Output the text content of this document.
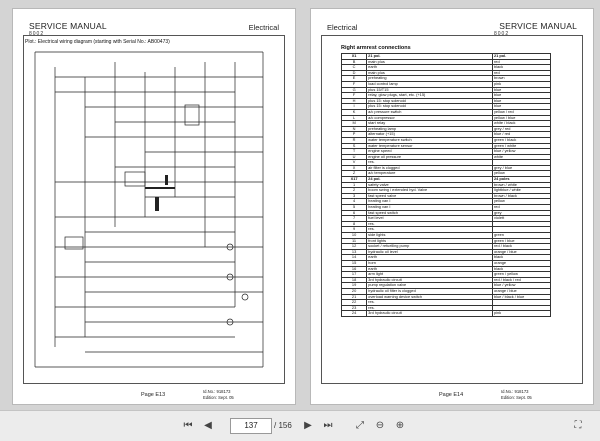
SERVICE MANUAL
8002
Electrical
Plot.: Electrical wiring diagram (starting with Serial No.: AB00473)
Page E13
Id.No.: 918173
Edition: Sept. 05
Electrical	SERVICE MANUAL
8002
Right armrest connections
X1	21 pol.	21 pol.
B	main plus	red
C	earth	black
D	main plus	red
E	preheating	brown
F	load control lamp	pink
G	plus 15/T15	blue
F	relay, glow plugs, start, etc. (+15)	blue
H	plus 15: stop solenoid	blue
I	plus 15: stop solenoid	blue
K	a/c pressure switch	yellow / red
L	a/c compressor	yellow / blue
M	start relay	white / black
N	preheating lamp	grey / red
P	alternator (+15)	blue / red
R	water temperature switch	green / black
S	water temperature sensor	green / white
T	engine speed	blue / yellow
U	engine oil pressure	white
V	res.	
X	air filter is clogged	grey / blue
Z	a/c temperature	yellow
X17	24 pol.	24 poles
1	safety valve	brown / white
2	boom swing / extended hyd. Valve	lightblue / white
3	fast speed valve	brown / black
4	heating van I	yellow
5	heating van I	red
6	fast speed switch	grey
7	fuel level	violett
8	res.	
9	res.	
10	side lights	green
11	front lights	green / blue
12	socket / refuelling pump	red / black
13	hydraulic oil level	orange / blue
14	earth	black
15	horn	orange
16	earth	black
17	arm light	green / yellow
18	3rd hydraulic circuit	red / black / red
19	pump regulation valve	blue / yellow
20	hydraulic oil filter is clogged	orange / blue
21	overload warning device switch	blue / black / blue
22	res.	
23	res.	
24	3rd hydraulic circuit	pink
Page E14
Id.No.: 918173
Edition: Sept. 05
⏮	◀	137	/ 156	▶	⏭	⤢	⊖	⊕	⛶
